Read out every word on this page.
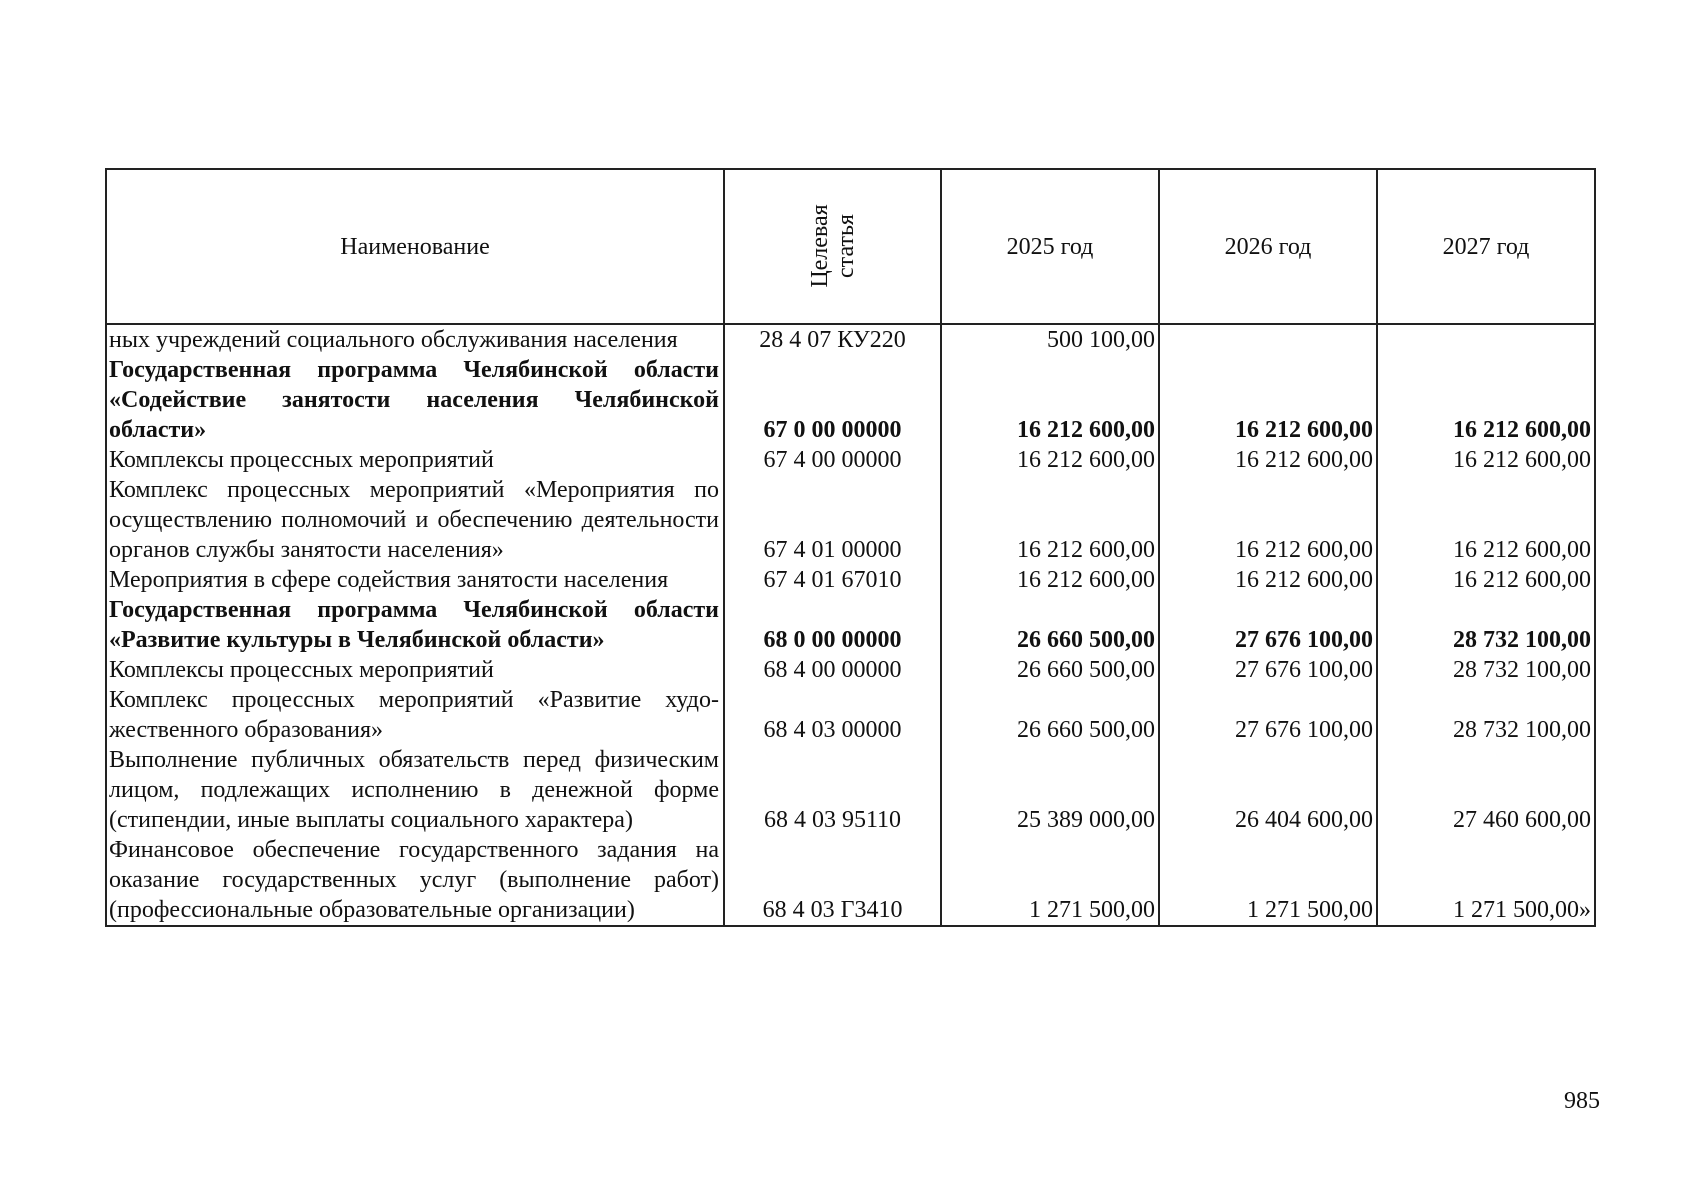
Наименование	Целевая статья	2025 год	2026 год	2027 год
ных учреждений социального обслуживания населения	28 4 07 КУ220	500 100,00		
Государственная программа Челябинской области «Содействие занятости населения Челябинской области»	67 0 00 00000	16 212 600,00	16 212 600,00	16 212 600,00
Комплексы процессных мероприятий	67 4 00 00000	16 212 600,00	16 212 600,00	16 212 600,00
Комплекс процессных мероприятий «Мероприятия по осуществлению полномочий и обеспечению деятельности органов службы занятости населения»	67 4 01 00000	16 212 600,00	16 212 600,00	16 212 600,00
Мероприятия в сфере содействия занятости населения	67 4 01 67010	16 212 600,00	16 212 600,00	16 212 600,00
Государственная программа Челябинской области «Развитие культуры в Челябинской области»	68 0 00 00000	26 660 500,00	27 676 100,00	28 732 100,00
Комплексы процессных мероприятий	68 4 00 00000	26 660 500,00	27 676 100,00	28 732 100,00
Комплекс процессных мероприятий «Развитие художественного образования»	68 4 03 00000	26 660 500,00	27 676 100,00	28 732 100,00
Выполнение публичных обязательств перед физическим лицом, подлежащих исполнению в денежной форме (стипендии, иные выплаты социального характера)	68 4 03 95110	25 389 000,00	26 404 600,00	27 460 600,00
Финансовое обеспечение государственного задания на оказание государственных услуг (выполнение работ) (профессиональные образовательные организации)	68 4 03 Г3410	1 271 500,00	1 271 500,00	1 271 500,00»
985
